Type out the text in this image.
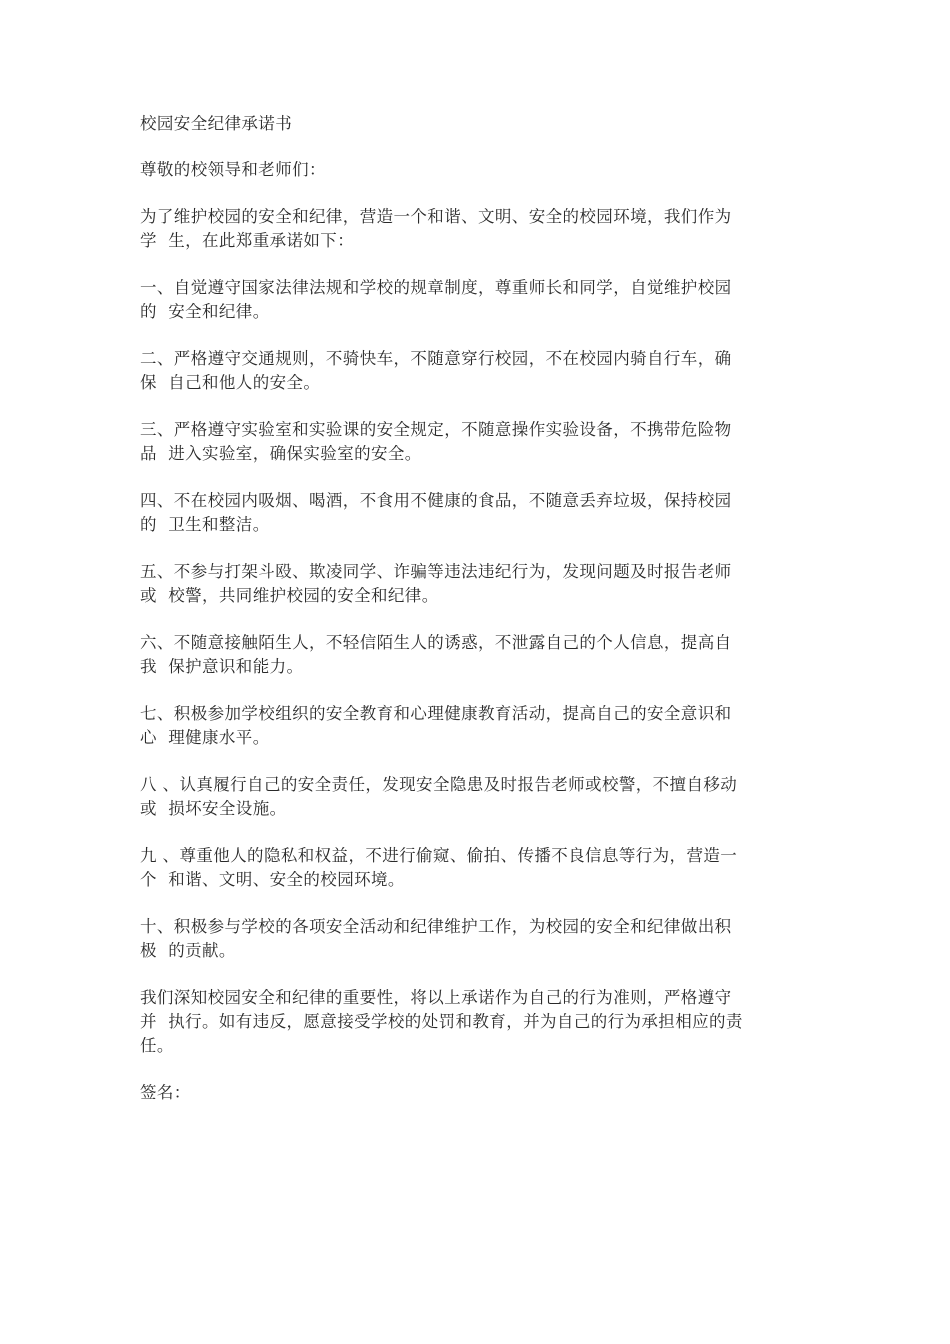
校园安全纪律承诺书

尊敬的校领导和老师们：

为了维护校园的安全和纪律，营造一个和谐、文明、安全的校园环境，我们作为

学  生，在此郑重承诺如下：

一、自觉遵守国家法律法规和学校的规章制度，尊重师长和同学，自觉维护校园

的  安全和纪律。

二、严格遵守交通规则，不骑快车，不随意穿行校园，不在校园内骑自行车，确

保  自己和他人的安全。

三、严格遵守实验室和实验课的安全规定，不随意操作实验设备，不携带危险物

品  进入实验室，确保实验室的安全。

四、不在校园内吸烟、喝酒，不食用不健康的食品，不随意丢弃垃圾，保持校园

的  卫生和整洁。

五、不参与打架斗殴、欺凌同学、诈骗等违法违纪行为，发现问题及时报告老师

或  校警，共同维护校园的安全和纪律。

六、不随意接触陌生人，不轻信陌生人的诱惑，不泄露自己的个人信息，提高自

我  保护意识和能力。

七、积极参加学校组织的安全教育和心理健康教育活动，提高自己的安全意识和

心  理健康水平。

八 、认真履行自己的安全责任，发现安全隐患及时报告老师或校警，不擅自移动

或  损坏安全设施。

九 、尊重他人的隐私和权益，不进行偷窥、偷拍、传播不良信息等行为，营造一

个  和谐、文明、安全的校园环境。

十、积极参与学校的各项安全活动和纪律维护工作，为校园的安全和纪律做出积

极  的贡献。

我们深知校园安全和纪律的重要性，将以上承诺作为自己的行为准则，严格遵守

并  执行。如有违反，愿意接受学校的处罚和教育，并为自己的行为承担相应的责

任。

签名：
